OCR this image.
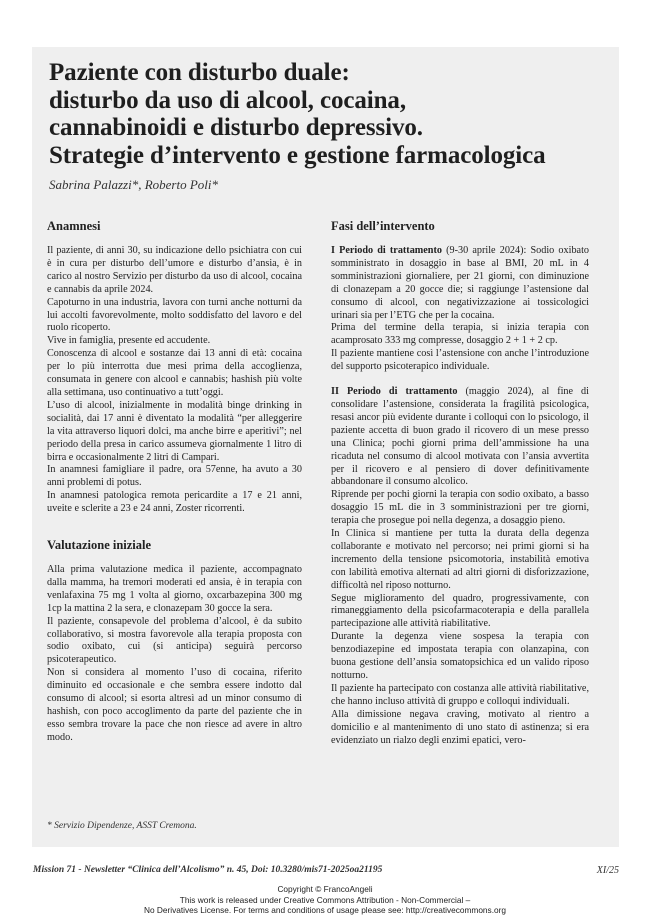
Paziente con disturbo duale:
disturbo da uso di alcool, cocaina,
cannabinoidi e disturbo depressivo.
Strategie d’intervento e gestione farmacologica
Sabrina Palazzi*, Roberto Poli*
Anamnesi

Il paziente, di anni 30, su indicazione dello psichiatra con cui è in cura per disturbo dell’umore e disturbo d’ansia, è in carico al nostro Servizio per disturbo da uso di alcool, cocaina e cannabis da aprile 2024.

Capoturno in una industria, lavora con turni anche notturni da lui accolti favorevolmente, molto soddisfatto del lavoro e del ruolo ricoperto.

Vive in famiglia, presente ed accudente.

Conoscenza di alcool e sostanze dai 13 anni di età: cocaina per lo più interrotta due mesi prima della accoglienza, consumata in genere con alcool e cannabis; hashish più volte alla settimana, uso continuativo a tutt’oggi.

L’uso di alcool, inizialmente in modalità binge drinking in socialità, dai 17 anni è diventato la modalità “per alleggerire la vita attraverso liquori dolci, ma anche birre e aperitivi”; nel periodo della presa in carico assumeva giornalmente 1 litro di birra e occasionalmente 2 litri di Campari.

In anamnesi famigliare il padre, ora 57enne, ha avuto a 30 anni problemi di potus.

In anamnesi patologica remota pericardite a 17 e 21 anni, uveite e sclerite a 23 e 24 anni, Zoster ricorrenti.

Valutazione iniziale

Alla prima valutazione medica il paziente, accompagnato dalla mamma, ha tremori moderati ed ansia, è in terapia con venlafaxina 75 mg 1 volta al giorno, oxcarbazepina 300 mg 1cp la mattina 2 la sera, e clonazepam 30 gocce la sera.

Il paziente, consapevole del problema d’alcool, è da subito collaborativo, si mostra favorevole alla terapia proposta con sodio oxibato, cui (si anticipa) seguirà percorso psicoterapeutico.

Non si considera al momento l’uso di cocaina, riferito diminuito ed occasionale e che sembra essere indotto dal consumo di alcool; si esorta altresì ad un minor consumo di hashish, con poco accoglimento da parte del paziente che in esso sembra trovare la pace che non riesce ad avere in altro modo.

Fasi dell’intervento

I Periodo di trattamento (9-30 aprile 2024): Sodio oxibato somministrato in dosaggio in base al BMI, 20 mL in 4 somministrazioni giornaliere, per 21 giorni, con diminuzione di clonazepam a 20 gocce die; si raggiunge l’astensione dal consumo di alcool, con negativizzazione ai tossicologici urinari sia per l’ETG che per la cocaina.

Prima del termine della terapia, si inizia terapia con acamprosato 333 mg compresse, dosaggio 2 + 1 + 2 cp.

Il paziente mantiene così l’astensione con anche l’introduzione del supporto psicoterapico individuale.

II Periodo di trattamento (maggio 2024), al fine di consolidare l’astensione, considerata la fragilità psicologica, resasi ancor più evidente durante i colloqui con lo psicologo, il paziente accetta di buon grado il ricovero di un mese presso una Clinica; pochi giorni prima dell’ammissione ha una ricaduta nel consumo di alcool motivata con l’ansia avvertita per il ricovero e al pensiero di dover definitivamente abbandonare il consumo alcolico.

Riprende per pochi giorni la terapia con sodio oxibato, a basso dosaggio 15 mL die in 3 somministrazioni per tre giorni, terapia che prosegue poi nella degenza, a dosaggio pieno.

In Clinica si mantiene per tutta la durata della degenza collaborante e motivato nel percorso; nei primi giorni si ha incremento della tensione psicomotoria, instabilità emotiva con labilità emotiva alternati ad altri giorni di disforizzazione, difficoltà nel riposo notturno.

Segue miglioramento del quadro, progressivamente, con rimaneggiamento della psicofarmacoterapia e della parallela partecipazione alle attività riabilitative.

Durante la degenza viene sospesa la terapia con benzodiazepine ed impostata terapia con olanzapina, con buona gestione dell’ansia somatopsichica ed un valido riposo notturno.

Il paziente ha partecipato con costanza alle attività riabilitative, che hanno incluso attività di gruppo e colloqui individuali.

Alla dimissione negava craving, motivato al rientro a domicilio e al mantenimento di uno stato di astinenza; si era evidenziato un rialzo degli enzimi epatici, vero-

* Servizio Dipendenze, ASST Cremona.
Mission 71 - Newsletter “Clinica dell’Alcolismo” n. 45, Doi: 10.3280/mis71-2025oa21195	XI/25
Copyright © FrancoAngeli
This work is released under Creative Commons Attribution - Non-Commercial –
No Derivatives License. For terms and conditions of usage please see: http://creativecommons.org
